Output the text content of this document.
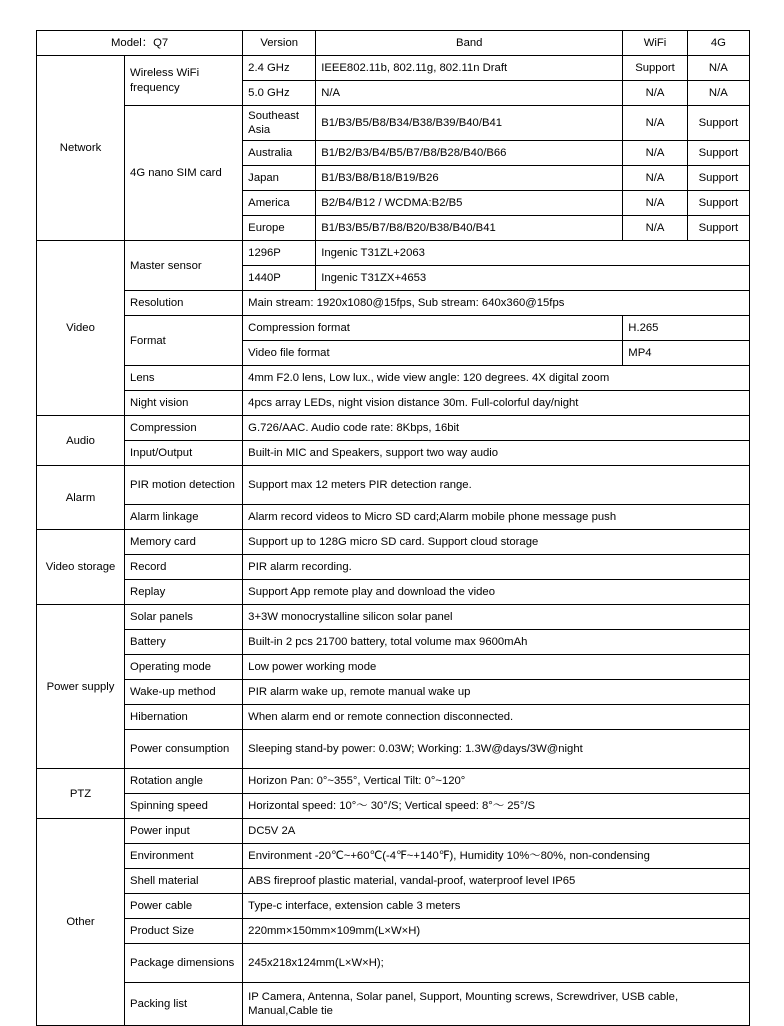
Model：Q7		Version	Band	WiFi	4G
Network	Wireless WiFi frequency	2.4 GHz	IEEE802.11b, 802.11g, 802.11n Draft	Support	N/A
		5.0 GHz	N/A	N/A	N/A
	4G nano SIM card	Southeast Asia	B1/B3/B5/B8/B34/B38/B39/B40/B41	N/A	Support
		Australia	B1/B2/B3/B4/B5/B7/B8/B28/B40/B66	N/A	Support
		Japan	B1/B3/B8/B18/B19/B26	N/A	Support
		America	B2/B4/B12 / WCDMA:B2/B5	N/A	Support
		Europe	B1/B3/B5/B7/B8/B20/B38/B40/B41	N/A	Support
Video	Master sensor	1296P	Ingenic T31ZL+2063		
		1440P	Ingenic T31ZX+4653		
	Resolution	Main stream: 1920x1080@15fps, Sub stream: 640x360@15fps			
	Format	Compression format		H.265	
		Video file format		MP4	
	Lens	4mm F2.0 lens, Low lux., wide view angle: 120 degrees. 4X digital zoom			
	Night vision	4pcs array LEDs, night vision distance 30m. Full-colorful day/night			
Audio	Compression	G.726/AAC. Audio code rate: 8Kbps, 16bit			
	Input/Output	Built-in MIC and Speakers, support two way audio			
Alarm	PIR motion detection	Support max 12 meters PIR detection range.			
	Alarm linkage	Alarm record videos to Micro SD card;Alarm mobile phone message push			
Video storage	Memory card	Support up to 128G micro SD card. Support cloud storage			
	Record	PIR alarm recording.			
	Replay	Support App remote play and download the video			
Power supply	Solar panels	3+3W monocrystalline silicon solar panel			
	Battery	Built-in 2 pcs 21700 battery, total volume max 9600mAh			
	Operating mode	Low power working mode			
	Wake-up method	PIR alarm wake up, remote manual wake up			
	Hibernation	When alarm end or remote connection disconnected.			
	Power consumption	Sleeping stand-by power: 0.03W; Working: 1.3W@days/3W@night			
PTZ	Rotation angle	Horizon Pan: 0°~355°, Vertical Tilt: 0°~120°			
	Spinning speed	Horizontal speed: 10°～ 30°/S; Vertical speed: 8°～ 25°/S			
Other	Power input	DC5V 2A			
	Environment	Environment -20℃~+60℃(-4℉~+140℉), Humidity 10%～80%, non-condensing			
	Shell material	ABS fireproof plastic material, vandal-proof, waterproof level IP65			
	Power cable	Type-c interface, extension cable 3 meters			
	Product Size	220mm×150mm×109mm(L×W×H)			
	Package dimensions	245x218x124mm(L×W×H);			
	Packing list	IP Camera, Antenna, Solar panel, Support, Mounting screws, Screwdriver, USB cable, Manual,Cable tie			
